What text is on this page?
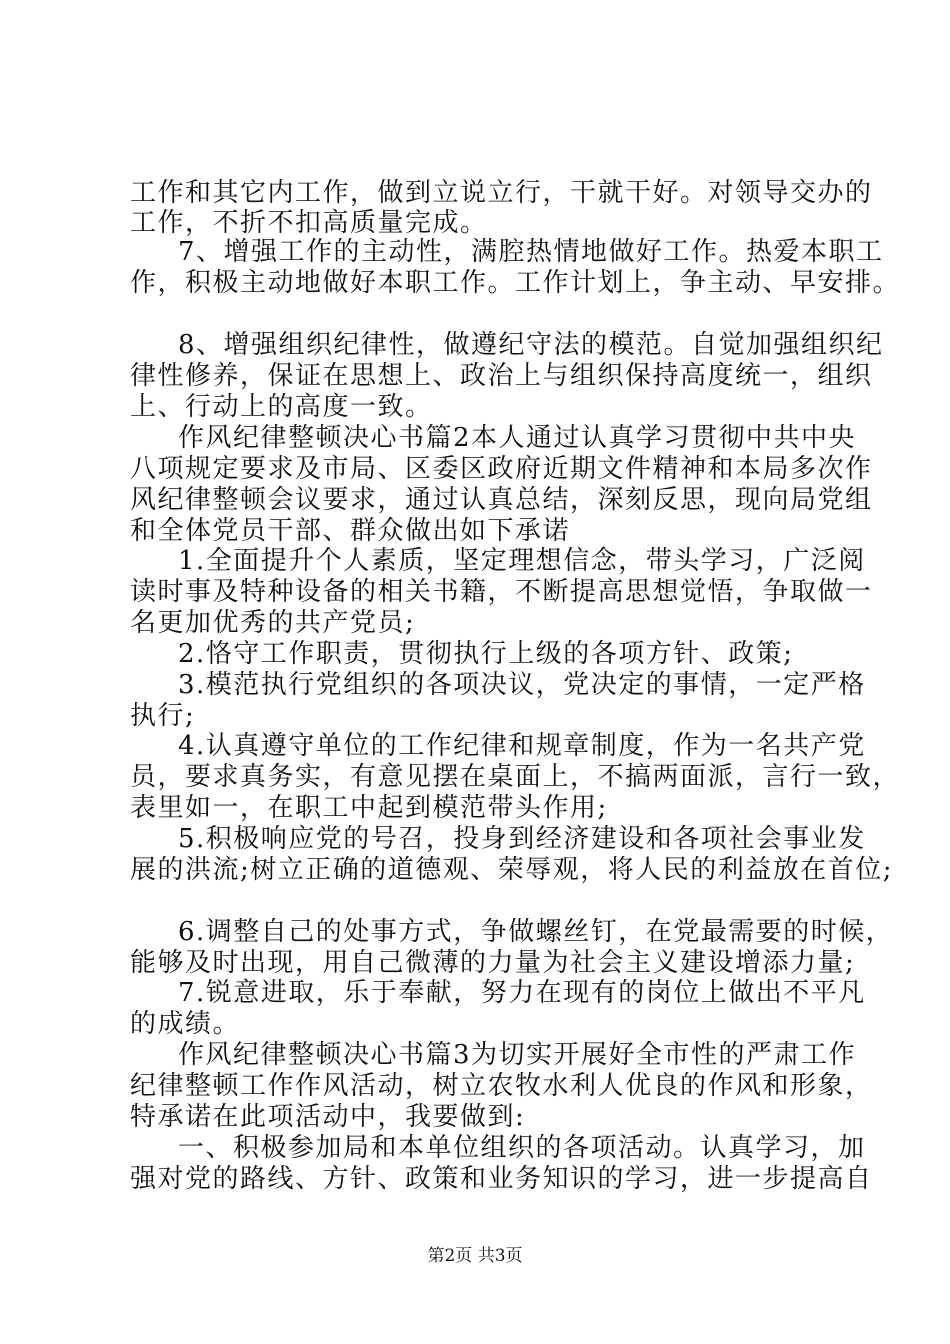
工作和其它内工作，做到立说立行，干就干好。对领导交办的
工作，不折不扣高质量完成。
7、增强工作的主动性，满腔热情地做好工作。热爱本职工
作，积极主动地做好本职工作。工作计划上，争主动、早安排。
8、增强组织纪律性，做遵纪守法的模范。自觉加强组织纪
律性修养，保证在思想上、政治上与组织保持高度统一，组织
上、行动上的高度一致。
作风纪律整顿决心书篇2本人通过认真学习贯彻中共中央
八项规定要求及市局、区委区政府近期文件精神和本局多次作
风纪律整顿会议要求，通过认真总结，深刻反思，现向局党组
和全体党员干部、群众做出如下承诺
1.全面提升个人素质，坚定理想信念，带头学习，广泛阅
读时事及特种设备的相关书籍，不断提高思想觉悟，争取做一
名更加优秀的共产党员;
2.恪守工作职责，贯彻执行上级的各项方针、政策;
3.模范执行党组织的各项决议，党决定的事情，一定严格
执行;
4.认真遵守单位的工作纪律和规章制度，作为一名共产党
员，要求真务实，有意见摆在桌面上，不搞两面派，言行一致，
表里如一，在职工中起到模范带头作用;
5.积极响应党的号召，投身到经济建设和各项社会事业发
展的洪流;树立正确的道德观、荣辱观，将人民的利益放在首位;
6.调整自己的处事方式，争做螺丝钉，在党最需要的时候，
能够及时出现，用自己微薄的力量为社会主义建设增添力量;
7.锐意进取，乐于奉献，努力在现有的岗位上做出不平凡
的成绩。
作风纪律整顿决心书篇3为切实开展好全市性的严肃工作
纪律整顿工作作风活动，树立农牧水利人优良的作风和形象，
特承诺在此项活动中，我要做到:
一、积极参加局和本单位组织的各项活动。认真学习，加
强对党的路线、方针、政策和业务知识的学习，进一步提高自
第2页 共3页
